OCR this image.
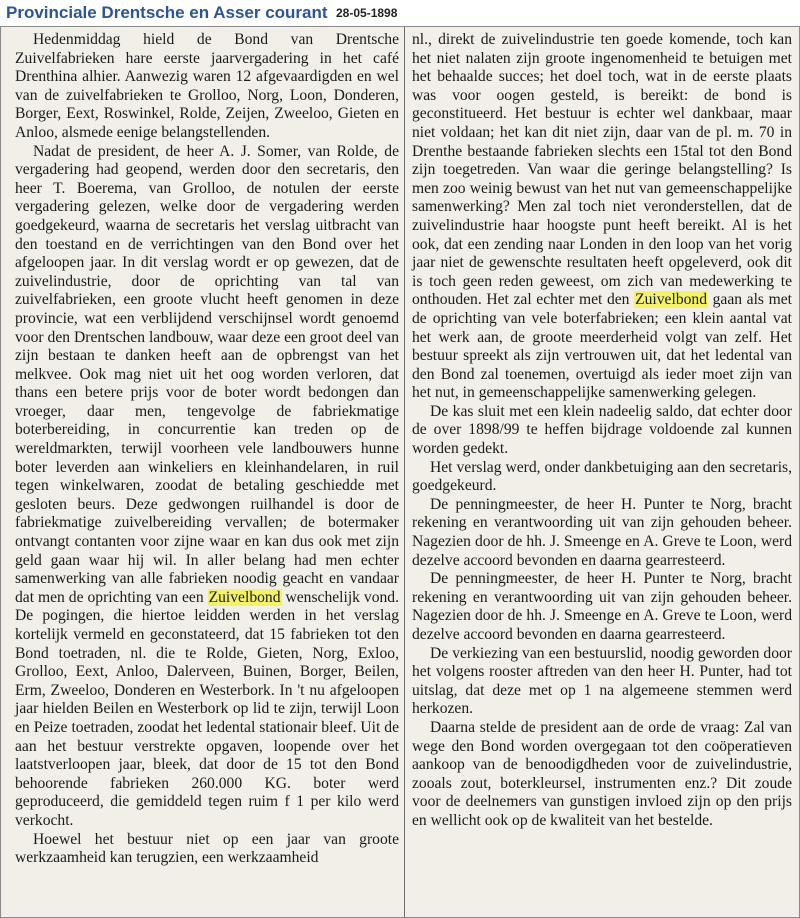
Provinciale Drentsche en Asser courant 28-05-1898

Hedenmiddag hield de Bond van Drentsche Zuivelfabrieken hare eerste jaarvergadering in het café Drenthina alhier. Aanwezig waren 12 afgevaardigden en wel van de zuivelfabrieken te Grolloo, Norg, Loon, Donderen, Borger, Eext, Roswinkel, Rolde, Zeijen, Zweeloo, Gieten en Anloo, alsmede eenige belangstellenden.

Nadat de president, de heer A. J. Somer, van Rolde, de vergadering had geopend, werden door den secretaris, den heer T. Boerema, van Grolloo, de notulen der eerste vergadering gelezen, welke door de vergadering werden goedgekeurd, waarna de secretaris het verslag uitbracht van den toestand en de verrichtingen van den Bond over het afgeloopen jaar. In dit verslag wordt er op gewezen, dat de zuivelindustrie, door de oprichting van tal van zuivelfabrieken, een groote vlucht heeft genomen in deze provincie, wat een verblijdend verschijnsel wordt genoemd voor den Drentschen landbouw, waar deze een groot deel van zijn bestaan te danken heeft aan de opbrengst van het melkvee. Ook mag niet uit het oog worden verloren, dat thans een betere prijs voor de boter wordt bedongen dan vroeger, daar men, tengevolge de fabriekmatige boterbereiding, in concurrentie kan treden op de wereldmarkten, terwijl voorheen vele landbouwers hunne boter leverden aan winkeliers en kleinhandelaren, in ruil tegen winkelwaren, zoodat de betaling geschiedde met gesloten beurs. Deze gedwongen ruilhandel is door de fabriekmatige zuivelbereiding vervallen; de botermaker ontvangt contanten voor zijne waar en kan dus ook met zijn geld gaan waar hij wil. In aller belang had men echter samenwerking van alle fabrieken noodig geacht en vandaar dat men de oprichting van een Zuivelbond wenschelijk vond. De pogingen, die hiertoe leidden werden in het verslag kortelijk vermeld en geconstateerd, dat 15 fabrieken tot den Bond toetraden, nl. die te Rolde, Gieten, Norg, Exloo, Grolloo, Eext, Anloo, Dalerveen, Buinen, Borger, Beilen, Erm, Zweeloo, Donderen en Westerbork. In 't nu afgeloopen jaar hielden Beilen en Westerbork op lid te zijn, terwijl Loon en Peize toetraden, zoodat het ledental stationair bleef. Uit de aan het bestuur verstrekte opgaven, loopende over het laatstverloopen jaar, bleek, dat door de 15 tot den Bond behoorende fabrieken 260.000 KG. boter werd geproduceerd, die gemiddeld tegen ruim f 1 per kilo werd verkocht.

Hoewel het bestuur niet op een jaar van groote werkzaamheid kan terugzien, een werkzaamheid

nl., direkt de zuivelindustrie ten goede komende, toch kan het niet nalaten zijn groote ingenomenheid te betuigen met het behaalde succes; het doel toch, wat in de eerste plaats was voor oogen gesteld, is bereikt: de bond is geconstitueerd. Het bestuur is echter wel dankbaar, maar niet voldaan; het kan dit niet zijn, daar van de pl. m. 70 in Drenthe bestaande fabrieken slechts een 15tal tot den Bond zijn toegetreden. Van waar die geringe belangstelling? Is men zoo weinig bewust van het nut van gemeenschappelijke samenwerking? Men zal toch niet veronderstellen, dat de zuivelindustrie haar hoogste punt heeft bereikt. Al is het ook, dat een zending naar Londen in den loop van het vorig jaar niet de gewenschte resultaten heeft opgeleverd, ook dit is toch geen reden geweest, om zich van medewerking te onthouden. Het zal echter met den Zuivelbond gaan als met de oprichting van vele boterfabrieken; een klein aantal vat het werk aan, de groote meerderheid volgt van zelf. Het bestuur spreekt als zijn vertrouwen uit, dat het ledental van den Bond zal toenemen, overtuigd als ieder moet zijn van het nut, in gemeenschappelijke samenwerking gelegen.

De kas sluit met een klein nadeelig saldo, dat echter door de over 1898/99 te heffen bijdrage voldoende zal kunnen worden gedekt.

Het verslag werd, onder dankbetuiging aan den secretaris, goedgekeurd.

De penningmeester, de heer H. Punter te Norg, bracht rekening en verantwoording uit van zijn gehouden beheer. Nagezien door de hh. J. Smeenge en A. Greve te Loon, werd dezelve accoord bevonden en daarna gearresteerd.

De penningmeester, de heer H. Punter te Norg, bracht rekening en verantwoording uit van zijn gehouden beheer. Nagezien door de hh. J. Smeenge en A. Greve te Loon, werd dezelve accoord bevonden en daarna gearresteerd.

De verkiezing van een bestuurslid, noodig geworden door het volgens rooster aftreden van den heer H. Punter, had tot uitslag, dat deze met op 1 na algemeene stemmen werd herkozen.

Daarna stelde de president aan de orde de vraag: Zal van wege den Bond worden overgegaan tot den coöperatieven aankoop van de benoodigdheden voor de zuivelindustrie, zooals zout, boterkleursel, instrumenten enz.? Dit zoude voor de deelnemers van gunstigen invloed zijn op den prijs en wellicht ook op de kwaliteit van het bestelde.
